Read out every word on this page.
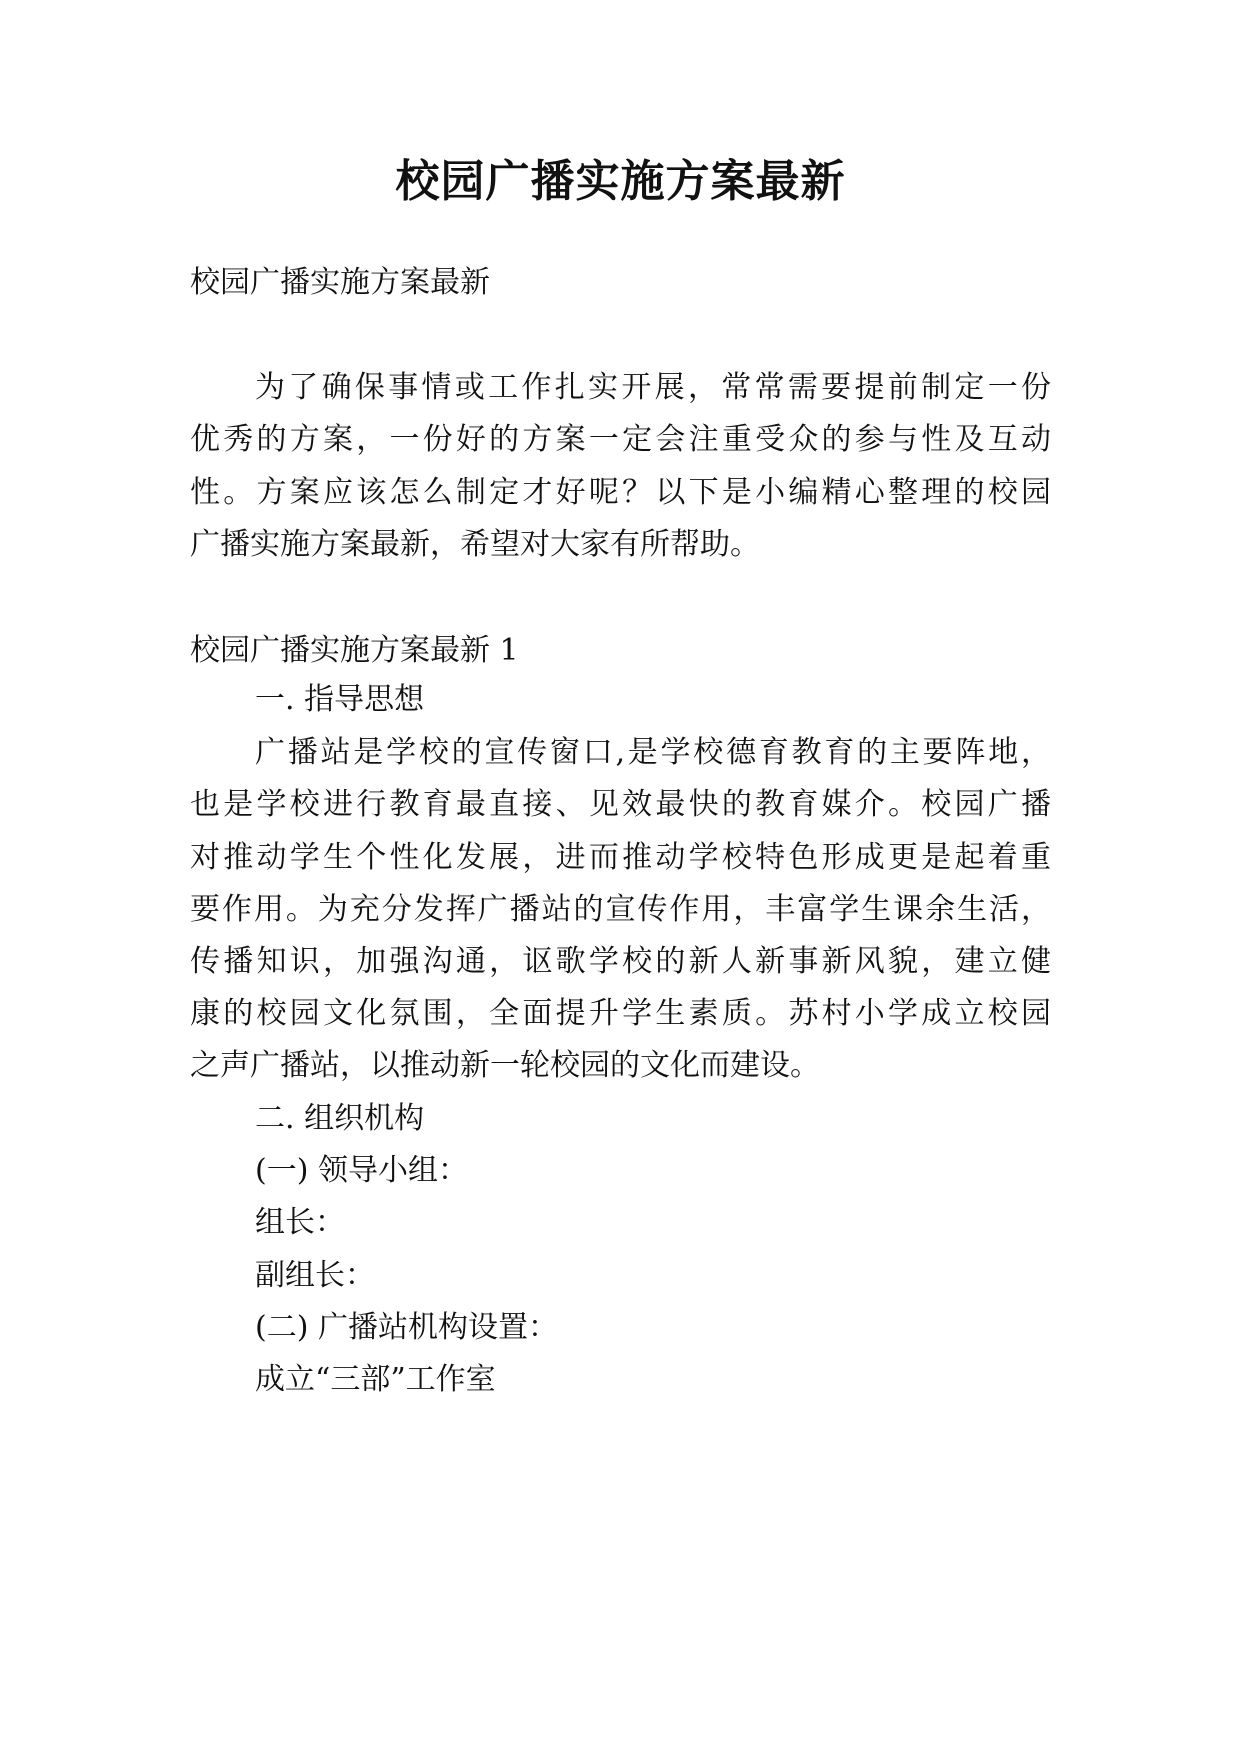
校园广播实施方案最新

校园广播实施方案最新

为了确保事情或工作扎实开展，常常需要提前制定一份

优秀的方案，一份好的方案一定会注重受众的参与性及互动

性。方案应该怎么制定才好呢？以下是小编精心整理的校园

广播实施方案最新，希望对大家有所帮助。

校园广播实施方案最新 1

一. 指导思想

广播站是学校的宣传窗口,是学校德育教育的主要阵地，

也是学校进行教育最直接、见效最快的教育媒介。校园广播

对推动学生个性化发展，进而推动学校特色形成更是起着重

要作用。为充分发挥广播站的宣传作用，丰富学生课余生活，

传播知识，加强沟通，讴歌学校的新人新事新风貌，建立健

康的校园文化氛围，全面提升学生素质。苏村小学成立校园

之声广播站，以推动新一轮校园的文化而建设。

二. 组织机构

(一) 领导小组：

组长：

副组长：

(二) 广播站机构设置：

成立“三部”工作室
